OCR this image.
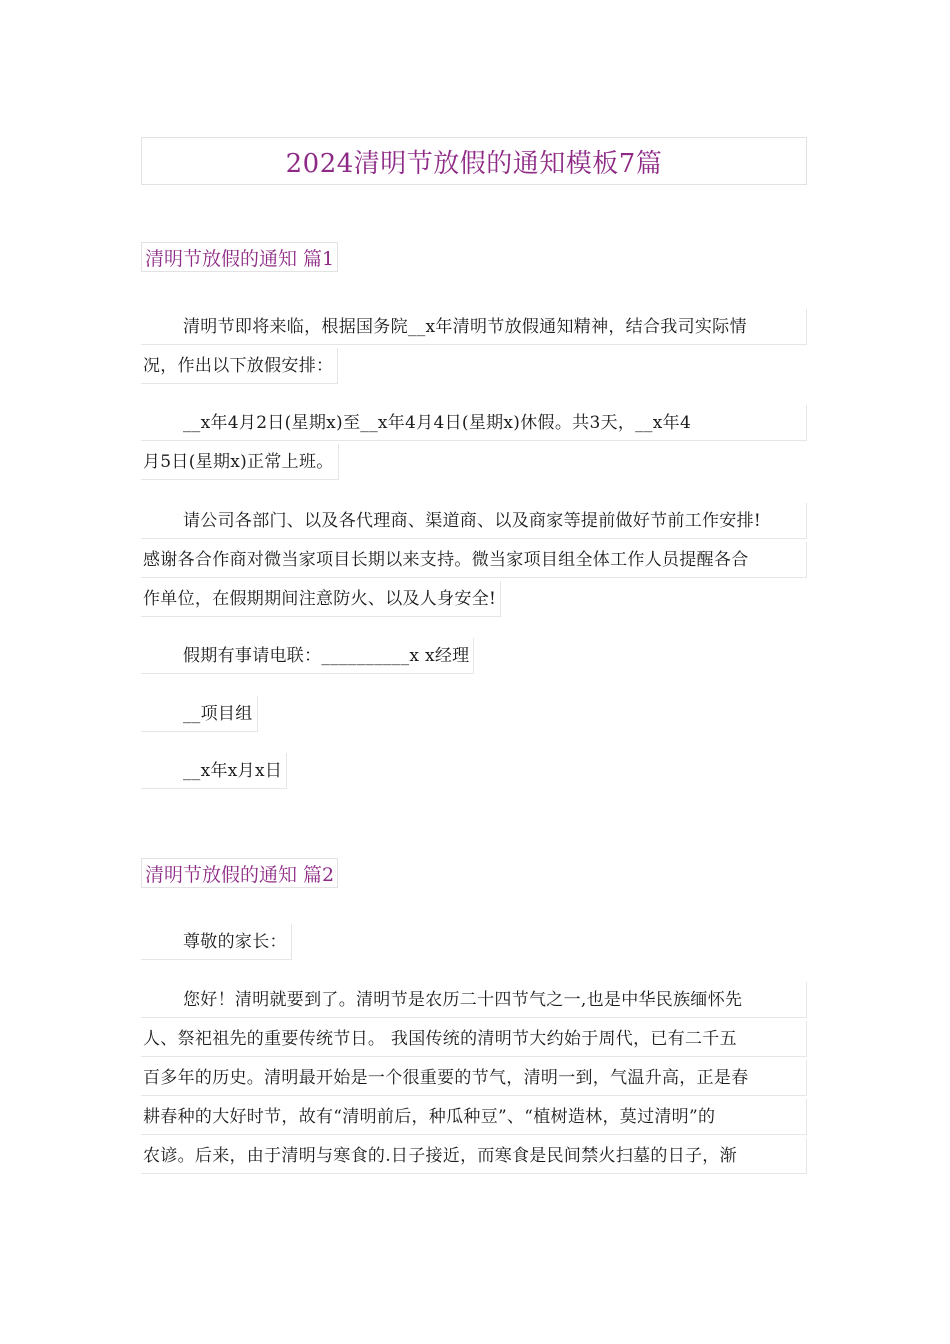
2024清明节放假的通知模板7篇
清明节放假的通知 篇1
清明节即将来临，根据国务院__x年清明节放假通知精神，结合我司实际情
况，作出以下放假安排：
__x年4月2日(星期x)至__x年4月4日(星期x)休假。共3天，__x年4
月5日(星期x)正常上班。
请公司各部门、以及各代理商、渠道商、以及商家等提前做好节前工作安排!
感谢各合作商对微当家项目长期以来支持。微当家项目组全体工作人员提醒各合
作单位，在假期期间注意防火、以及人身安全!
假期有事请电联：__________x x经理
__项目组
__x年x月x日
清明节放假的通知 篇2
尊敬的家长：
您好！清明就要到了。清明节是农历二十四节气之一,也是中华民族缅怀先
人、祭祀祖先的重要传统节日。 我国传统的清明节大约始于周代，已有二千五
百多年的历史。清明最开始是一个很重要的节气，清明一到，气温升高，正是春
耕春种的大好时节，故有“清明前后，种瓜种豆”、“植树造林，莫过清明”的
农谚。后来，由于清明与寒食的.日子接近，而寒食是民间禁火扫墓的日子，渐
